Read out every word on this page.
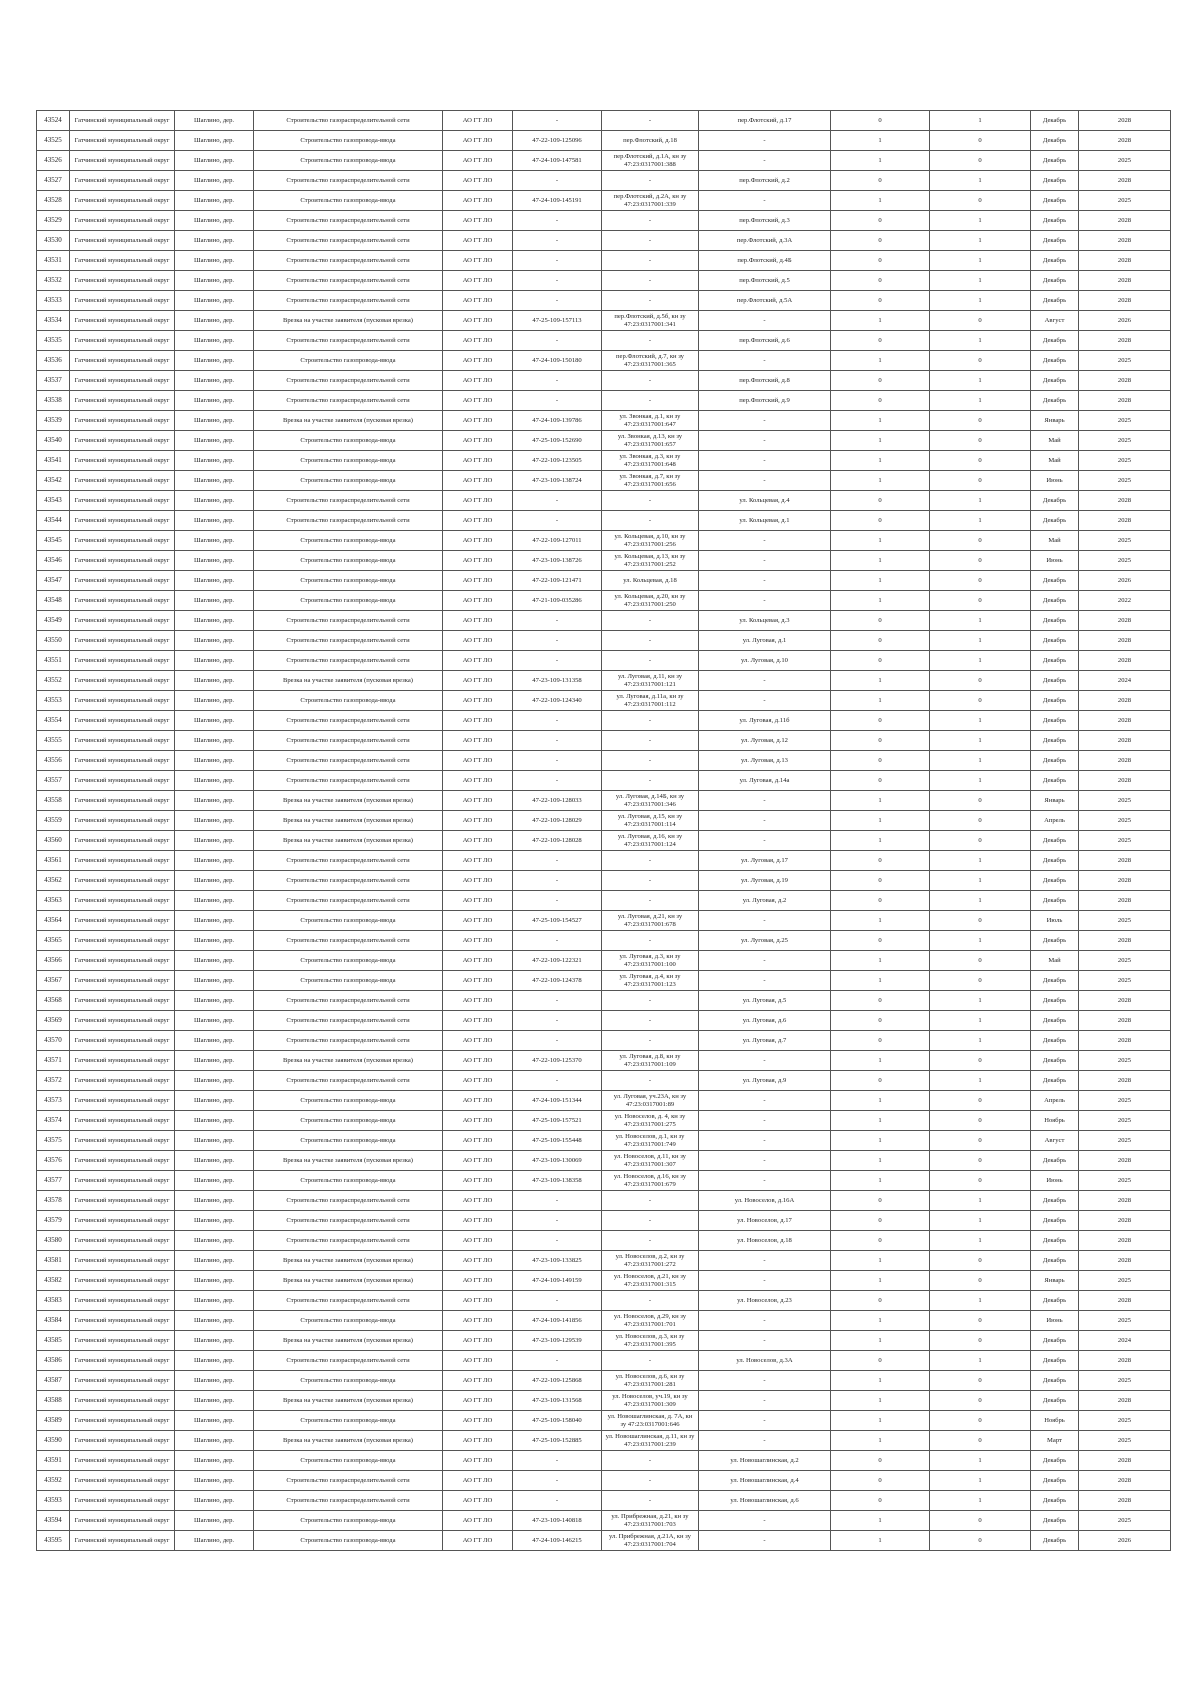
43524	Гатчинский муниципальный округ	Шаглино, дер.	Строительство газораспределительной сети	АО ГТ ЛО	-	-	пер.Флотский, д.17	0	1	Декабрь	2028
43525	Гатчинский муниципальный округ	Шаглино, дер.	Строительство газопровода-ввода	АО ГТ ЛО	47-22-109-125096	пер.Флотский, д.18	-	1	0	Декабрь	2028
43526	Гатчинский муниципальный округ	Шаглино, дер.	Строительство газопровода-ввода	АО ГТ ЛО	47-24-109-147581	пер.Флотский, д.1А, кн зу 47:23:0317001:388	-	1	0	Декабрь	2025
43527	Гатчинский муниципальный округ	Шаглино, дер.	Строительство газораспределительной сети	АО ГТ ЛО	-	-	пер.Флотский, д.2	0	1	Декабрь	2028
43528	Гатчинский муниципальный округ	Шаглино, дер.	Строительство газопровода-ввода	АО ГТ ЛО	47-24-109-145191	пер.Флотский, д.2А, кн зу 47:23:0317001:339	-	1	0	Декабрь	2025
43529	Гатчинский муниципальный округ	Шаглино, дер.	Строительство газораспределительной сети	АО ГТ ЛО	-	-	пер.Флотский, д.3	0	1	Декабрь	2028
43530	Гатчинский муниципальный округ	Шаглино, дер.	Строительство газораспределительной сети	АО ГТ ЛО	-	-	пер.Флотский, д.3А	0	1	Декабрь	2028
43531	Гатчинский муниципальный округ	Шаглино, дер.	Строительство газораспределительной сети	АО ГТ ЛО	-	-	пер.Флотский, д.4Б	0	1	Декабрь	2028
43532	Гатчинский муниципальный округ	Шаглино, дер.	Строительство газораспределительной сети	АО ГТ ЛО	-	-	пер.Флотский, д.5	0	1	Декабрь	2028
43533	Гатчинский муниципальный округ	Шаглино, дер.	Строительство газораспределительной сети	АО ГТ ЛО	-	-	пер.Флотский, д.5А	0	1	Декабрь	2028
43534	Гатчинский муниципальный округ	Шаглино, дер.	Врезка на участке заявителя (пусковая врезка)	АО ГТ ЛО	47-25-109-157113	пер.Флотский, д.5б, кн зу 47:23:0317001:341	-	1	0	Август	2026
43535	Гатчинский муниципальный округ	Шаглино, дер.	Строительство газораспределительной сети	АО ГТ ЛО	-	-	пер.Флотский, д.6	0	1	Декабрь	2028
43536	Гатчинский муниципальный округ	Шаглино, дер.	Строительство газопровода-ввода	АО ГТ ЛО	47-24-109-150180	пер.Флотский, д.7, кн зу 47:23:0317001:365	-	1	0	Декабрь	2025
43537	Гатчинский муниципальный округ	Шаглино, дер.	Строительство газораспределительной сети	АО ГТ ЛО	-	-	пер.Флотский, д.8	0	1	Декабрь	2028
43538	Гатчинский муниципальный округ	Шаглино, дер.	Строительство газораспределительной сети	АО ГТ ЛО	-	-	пер.Флотский, д.9	0	1	Декабрь	2028
43539	Гатчинский муниципальный округ	Шаглино, дер.	Врезка на участке заявителя (пусковая врезка)	АО ГТ ЛО	47-24-109-139786	ул. Звонкая, д.1, кн зу 47:23:0317001:647	-	1	0	Январь	2025
43540	Гатчинский муниципальный округ	Шаглино, дер.	Строительство газопровода-ввода	АО ГТ ЛО	47-25-109-152690	ул. Звонкая, д.13, кн зу 47:23:0317001:657	-	1	0	Май	2025
43541	Гатчинский муниципальный округ	Шаглино, дер.	Строительство газопровода-ввода	АО ГТ ЛО	47-22-109-123505	ул. Звонкая, д.3, кн зу 47:23:0317001:648	-	1	0	Май	2025
43542	Гатчинский муниципальный округ	Шаглино, дер.	Строительство газопровода-ввода	АО ГТ ЛО	47-23-109-138724	ул. Звонкая, д.7, кн зу 47:23:0317001:656	-	1	0	Июнь	2025
43543	Гатчинский муниципальный округ	Шаглино, дер.	Строительство газораспределительной сети	АО ГТ ЛО	-	-	ул. Кольцевая, д.4	0	1	Декабрь	2028
43544	Гатчинский муниципальный округ	Шаглино, дер.	Строительство газораспределительной сети	АО ГТ ЛО	-	-	ул. Кольцевая, д.1	0	1	Декабрь	2028
43545	Гатчинский муниципальный округ	Шаглино, дер.	Строительство газопровода-ввода	АО ГТ ЛО	47-22-109-127011	ул. Кольцевая, д.10, кн зу 47:23:0317001:256	-	1	0	Май	2025
43546	Гатчинский муниципальный округ	Шаглино, дер.	Строительство газопровода-ввода	АО ГТ ЛО	47-23-109-138726	ул. Кольцевая, д.13, кн зу 47:23:0317001:252	-	1	0	Июнь	2025
43547	Гатчинский муниципальный округ	Шаглино, дер.	Строительство газопровода-ввода	АО ГТ ЛО	47-22-109-121471	ул. Кольцевая, д.18	-	1	0	Декабрь	2026
43548	Гатчинский муниципальный округ	Шаглино, дер.	Строительство газопровода-ввода	АО ГТ ЛО	47-21-109-035286	ул. Кольцевая, д.20, кн зу 47:23:0317001:250	-	1	0	Декабрь	2022
43549	Гатчинский муниципальный округ	Шаглино, дер.	Строительство газораспределительной сети	АО ГТ ЛО	-	-	ул. Кольцевая, д.3	0	1	Декабрь	2028
43550	Гатчинский муниципальный округ	Шаглино, дер.	Строительство газораспределительной сети	АО ГТ ЛО	-	-	ул. Луговая, д.1	0	1	Декабрь	2028
43551	Гатчинский муниципальный округ	Шаглино, дер.	Строительство газораспределительной сети	АО ГТ ЛО	-	-	ул. Луговая, д.10	0	1	Декабрь	2028
43552	Гатчинский муниципальный округ	Шаглино, дер.	Врезка на участке заявителя (пусковая врезка)	АО ГТ ЛО	47-23-109-131358	ул. Луговая, д.11, кн зу 47:23:0317001:121	-	1	0	Декабрь	2024
43553	Гатчинский муниципальный округ	Шаглино, дер.	Строительство газопровода-ввода	АО ГТ ЛО	47-22-109-124340	ул. Луговая, д.11а, кн зу 47:23:0317001:112	-	1	0	Декабрь	2028
43554	Гатчинский муниципальный округ	Шаглино, дер.	Строительство газораспределительной сети	АО ГТ ЛО	-	-	ул. Луговая, д.11б	0	1	Декабрь	2028
43555	Гатчинский муниципальный округ	Шаглино, дер.	Строительство газораспределительной сети	АО ГТ ЛО	-	-	ул. Луговая, д.12	0	1	Декабрь	2028
43556	Гатчинский муниципальный округ	Шаглино, дер.	Строительство газораспределительной сети	АО ГТ ЛО	-	-	ул. Луговая, д.13	0	1	Декабрь	2028
43557	Гатчинский муниципальный округ	Шаглино, дер.	Строительство газораспределительной сети	АО ГТ ЛО	-	-	ул. Луговая, д.14а	0	1	Декабрь	2028
43558	Гатчинский муниципальный округ	Шаглино, дер.	Врезка на участке заявителя (пусковая врезка)	АО ГТ ЛО	47-22-109-128033	ул. Луговая, д.14Б, кн зу 47:23:0317001:346	-	1	0	Январь	2025
43559	Гатчинский муниципальный округ	Шаглино, дер.	Врезка на участке заявителя (пусковая врезка)	АО ГТ ЛО	47-22-109-128029	ул. Луговая, д.15, кн зу 47:23:0317001:114	-	1	0	Апрель	2025
43560	Гатчинский муниципальный округ	Шаглино, дер.	Врезка на участке заявителя (пусковая врезка)	АО ГТ ЛО	47-22-109-128028	ул. Луговая, д.16, кн зу 47:23:0317001:124	-	1	0	Декабрь	2025
43561	Гатчинский муниципальный округ	Шаглино, дер.	Строительство газораспределительной сети	АО ГТ ЛО	-	-	ул. Луговая, д.17	0	1	Декабрь	2028
43562	Гатчинский муниципальный округ	Шаглино, дер.	Строительство газораспределительной сети	АО ГТ ЛО	-	-	ул. Луговая, д.19	0	1	Декабрь	2028
43563	Гатчинский муниципальный округ	Шаглино, дер.	Строительство газораспределительной сети	АО ГТ ЛО	-	-	ул. Луговая, д.2	0	1	Декабрь	2028
43564	Гатчинский муниципальный округ	Шаглино, дер.	Строительство газопровода-ввода	АО ГТ ЛО	47-25-109-154527	ул. Луговая, д.21, кн зу 47:23:0317001:678	-	1	0	Июль	2025
43565	Гатчинский муниципальный округ	Шаглино, дер.	Строительство газораспределительной сети	АО ГТ ЛО	-	-	ул. Луговая, д.25	0	1	Декабрь	2028
43566	Гатчинский муниципальный округ	Шаглино, дер.	Строительство газопровода-ввода	АО ГТ ЛО	47-22-109-122321	ул. Луговая, д.3, кн зу 47:23:0317001:100	-	1	0	Май	2025
43567	Гатчинский муниципальный округ	Шаглино, дер.	Строительство газопровода-ввода	АО ГТ ЛО	47-22-109-124378	ул. Луговая, д.4, кн зу 47:23:0317001:123	-	1	0	Декабрь	2025
43568	Гатчинский муниципальный округ	Шаглино, дер.	Строительство газораспределительной сети	АО ГТ ЛО	-	-	ул. Луговая, д.5	0	1	Декабрь	2028
43569	Гатчинский муниципальный округ	Шаглино, дер.	Строительство газораспределительной сети	АО ГТ ЛО	-	-	ул. Луговая, д.6	0	1	Декабрь	2028
43570	Гатчинский муниципальный округ	Шаглино, дер.	Строительство газораспределительной сети	АО ГТ ЛО	-	-	ул. Луговая, д.7	0	1	Декабрь	2028
43571	Гатчинский муниципальный округ	Шаглино, дер.	Врезка на участке заявителя (пусковая врезка)	АО ГТ ЛО	47-22-109-125370	ул. Луговая, д.8, кн зу 47:23:0317001:109	-	1	0	Декабрь	2025
43572	Гатчинский муниципальный округ	Шаглино, дер.	Строительство газораспределительной сети	АО ГТ ЛО	-	-	ул. Луговая, д.9	0	1	Декабрь	2028
43573	Гатчинский муниципальный округ	Шаглино, дер.	Строительство газопровода-ввода	АО ГТ ЛО	47-24-109-151344	ул. Луговая, уч.23А, кн зу 47:23:0317001:89	-	1	0	Апрель	2025
43574	Гатчинский муниципальный округ	Шаглино, дер.	Строительство газопровода-ввода	АО ГТ ЛО	47-25-109-157521	ул. Новоселов, д. 4, кн зу 47:23:0317001:275	-	1	0	Ноябрь	2025
43575	Гатчинский муниципальный округ	Шаглино, дер.	Строительство газопровода-ввода	АО ГТ ЛО	47-25-109-155448	ул. Новоселов, д.1, кн зу 47:23:0317001:749	-	1	0	Август	2025
43576	Гатчинский муниципальный округ	Шаглино, дер.	Врезка на участке заявителя (пусковая врезка)	АО ГТ ЛО	47-23-109-130069	ул. Новоселов, д.11, кн зу 47:23:0317001:307	-	1	0	Декабрь	2028
43577	Гатчинский муниципальный округ	Шаглино, дер.	Строительство газопровода-ввода	АО ГТ ЛО	47-23-109-138358	ул. Новоселов, д.16, кн зу 47:23:0317001:679	-	1	0	Июнь	2025
43578	Гатчинский муниципальный округ	Шаглино, дер.	Строительство газораспределительной сети	АО ГТ ЛО	-	-	ул. Новоселов, д.16А	0	1	Декабрь	2028
43579	Гатчинский муниципальный округ	Шаглино, дер.	Строительство газораспределительной сети	АО ГТ ЛО	-	-	ул. Новоселов, д.17	0	1	Декабрь	2028
43580	Гатчинский муниципальный округ	Шаглино, дер.	Строительство газораспределительной сети	АО ГТ ЛО	-	-	ул. Новоселов, д.18	0	1	Декабрь	2028
43581	Гатчинский муниципальный округ	Шаглино, дер.	Врезка на участке заявителя (пусковая врезка)	АО ГТ ЛО	47-23-109-133825	ул. Новоселов, д.2, кн зу 47:23:0317001:272	-	1	0	Декабрь	2028
43582	Гатчинский муниципальный округ	Шаглино, дер.	Врезка на участке заявителя (пусковая врезка)	АО ГТ ЛО	47-24-109-149159	ул. Новоселов, д.21, кн зу 47:23:0317001:315	-	1	0	Январь	2025
43583	Гатчинский муниципальный округ	Шаглино, дер.	Строительство газораспределительной сети	АО ГТ ЛО	-	-	ул. Новоселов, д.23	0	1	Декабрь	2028
43584	Гатчинский муниципальный округ	Шаглино, дер.	Строительство газопровода-ввода	АО ГТ ЛО	47-24-109-141856	ул. Новоселов, д.29, кн зу 47:23:0317001:701	-	1	0	Июнь	2025
43585	Гатчинский муниципальный округ	Шаглино, дер.	Врезка на участке заявителя (пусковая врезка)	АО ГТ ЛО	47-23-109-129539	ул. Новоселов, д.3, кн зу 47:23:0317001:395	-	1	0	Декабрь	2024
43586	Гатчинский муниципальный округ	Шаглино, дер.	Строительство газораспределительной сети	АО ГТ ЛО	-	-	ул. Новоселов, д.3А	0	1	Декабрь	2028
43587	Гатчинский муниципальный округ	Шаглино, дер.	Строительство газопровода-ввода	АО ГТ ЛО	47-22-109-125868	ул. Новоселов, д.6, кн зу 47:23:0317001:281	-	1	0	Декабрь	2025
43588	Гатчинский муниципальный округ	Шаглино, дер.	Врезка на участке заявителя (пусковая врезка)	АО ГТ ЛО	47-23-109-131568	ул. Новоселов, уч.19, кн зу 47:23:0317001:309	-	1	0	Декабрь	2028
43589	Гатчинский муниципальный округ	Шаглино, дер.	Строительство газопровода-ввода	АО ГТ ЛО	47-25-109-158040	ул. Новошаглинская, д. 7А, кн зу 47:23:0317001:646	-	1	0	Ноябрь	2025
43590	Гатчинский муниципальный округ	Шаглино, дер.	Врезка на участке заявителя (пусковая врезка)	АО ГТ ЛО	47-25-109-152885	ул. Новошаглинская, д.11, кн зу 47:23:0317001:239	-	1	0	Март	2025
43591	Гатчинский муниципальный округ	Шаглино, дер.	Строительство газопровода-ввода	АО ГТ ЛО	-	-	ул. Новошаглинская, д.2	0	1	Декабрь	2028
43592	Гатчинский муниципальный округ	Шаглино, дер.	Строительство газораспределительной сети	АО ГТ ЛО	-	-	ул. Новошаглинская, д.4	0	1	Декабрь	2028
43593	Гатчинский муниципальный округ	Шаглино, дер.	Строительство газораспределительной сети	АО ГТ ЛО	-	-	ул. Новошаглинская, д.6	0	1	Декабрь	2028
43594	Гатчинский муниципальный округ	Шаглино, дер.	Строительство газопровода-ввода	АО ГТ ЛО	47-23-109-140818	ул. Прибрежная, д.21, кн зу 47:23:0317001:703	-	1	0	Декабрь	2025
43595	Гатчинский муниципальный округ	Шаглино, дер.	Строительство газопровода-ввода	АО ГТ ЛО	47-24-109-146215	ул. Прибрежная, д.21А, кн зу 47:23:0317001:704	-	1	0	Декабрь	2026
